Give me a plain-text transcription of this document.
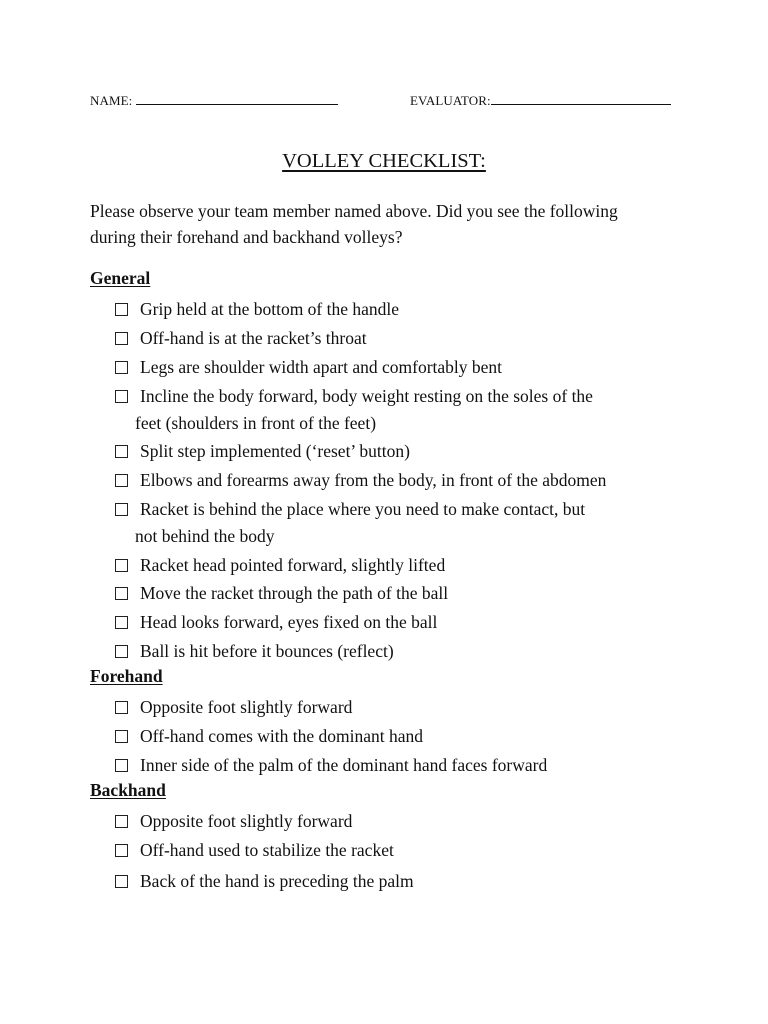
NAME:	EVALUATOR:
VOLLEY CHECKLIST:
Please observe your team member named above. Did you see the following
during their forehand and backhand volleys?
General
Grip held at the bottom of the handle
Off-hand is at the racket’s throat
Legs are shoulder width apart and comfortably bent
Incline the body forward, body weight resting on the soles of the
feet (shoulders in front of the feet)
Split step implemented (‘reset’ button)
Elbows and forearms away from the body, in front of the abdomen
Racket is behind the place where you need to make contact, but
not behind the body
Racket head pointed forward, slightly lifted
Move the racket through the path of the ball
Head looks forward, eyes fixed on the ball
Ball is hit before it bounces (reflect)
Forehand
Opposite foot slightly forward
Off-hand comes with the dominant hand
Inner side of the palm of the dominant hand faces forward
Backhand
Opposite foot slightly forward
Off-hand used to stabilize the racket
Back of the hand is preceding the palm
